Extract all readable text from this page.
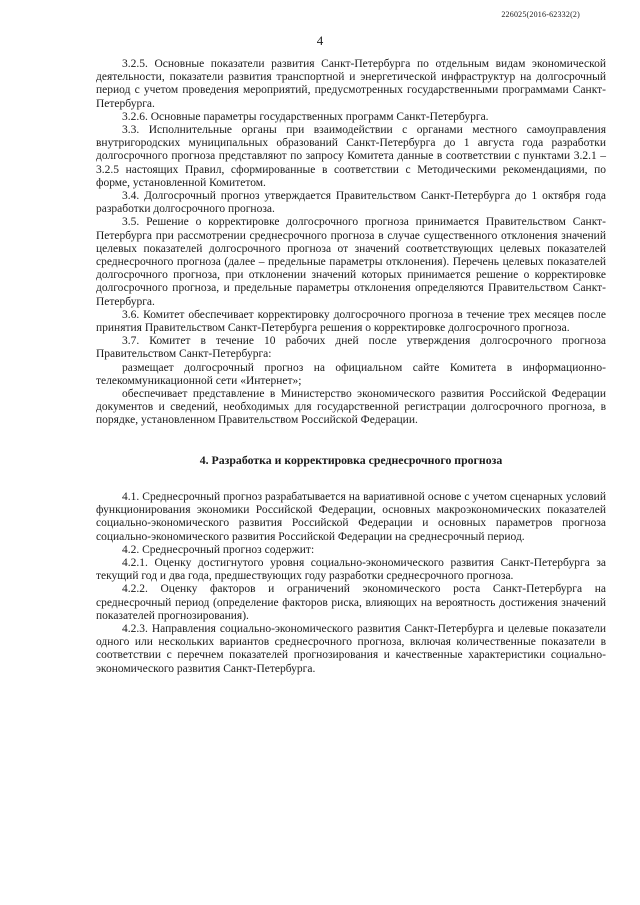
226025(2016-62332(2)
4

3.2.5. Основные показатели развития Санкт-Петербурга по отдельным видам экономической деятельности, показатели развития транспортной и энергетической инфраструктур на долгосрочный период с учетом проведения мероприятий, предусмотренных государственными программами Санкт-Петербурга.

3.2.6. Основные параметры государственных программ Санкт-Петербурга.

3.3. Исполнительные органы при взаимодействии с органами местного самоуправления внутригородских муниципальных образований Санкт-Петербурга до 1 августа года разработки долгосрочного прогноза представляют по запросу Комитета данные в соответствии с пунктами 3.2.1 – 3.2.5 настоящих Правил, сформированные в соответствии с Методическими рекомендациями, по форме, установленной Комитетом.

3.4. Долгосрочный прогноз утверждается Правительством Санкт-Петербурга до 1 октября года разработки долгосрочного прогноза.

3.5. Решение о корректировке долгосрочного прогноза принимается Правительством Санкт-Петербурга при рассмотрении среднесрочного прогноза в случае существенного отклонения значений целевых показателей долгосрочного прогноза от значений соответствующих целевых показателей среднесрочного прогноза (далее – предельные параметры отклонения). Перечень целевых показателей долгосрочного прогноза, при отклонении значений которых принимается решение о корректировке долгосрочного прогноза, и предельные параметры отклонения определяются Правительством Санкт-Петербурга.

3.6. Комитет обеспечивает корректировку долгосрочного прогноза в течение трех месяцев после принятия Правительством Санкт-Петербурга решения о корректировке долгосрочного прогноза.

3.7. Комитет в течение 10 рабочих дней после утверждения долгосрочного прогноза Правительством Санкт-Петербурга:

размещает долгосрочный прогноз на официальном сайте Комитета в информационно-телекоммуникационной сети «Интернет»;

обеспечивает представление в Министерство экономического развития Российской Федерации документов и сведений, необходимых для государственной регистрации долгосрочного прогноза, в порядке, установленном Правительством Российской Федерации.

4. Разработка и корректировка среднесрочного прогноза

4.1. Среднесрочный прогноз разрабатывается на вариативной основе с учетом сценарных условий функционирования экономики Российской Федерации, основных макроэкономических показателей социально-экономического развития Российской Федерации и основных параметров прогноза социально-экономического развития Российской Федерации на среднесрочный период.

4.2. Среднесрочный прогноз содержит:

4.2.1. Оценку достигнутого уровня социально-экономического развития Санкт-Петербурга за текущий год и два года, предшествующих году разработки среднесрочного прогноза.

4.2.2. Оценку факторов и ограничений экономического роста Санкт-Петербурга на среднесрочный период (определение факторов риска, влияющих на вероятность достижения значений показателей прогнозирования).

4.2.3. Направления социально-экономического развития Санкт-Петербурга и целевые показатели одного или нескольких вариантов среднесрочного прогноза, включая количественные показатели в соответствии с перечнем показателей прогнозирования и качественные характеристики социально-экономического развития Санкт-Петербурга.
